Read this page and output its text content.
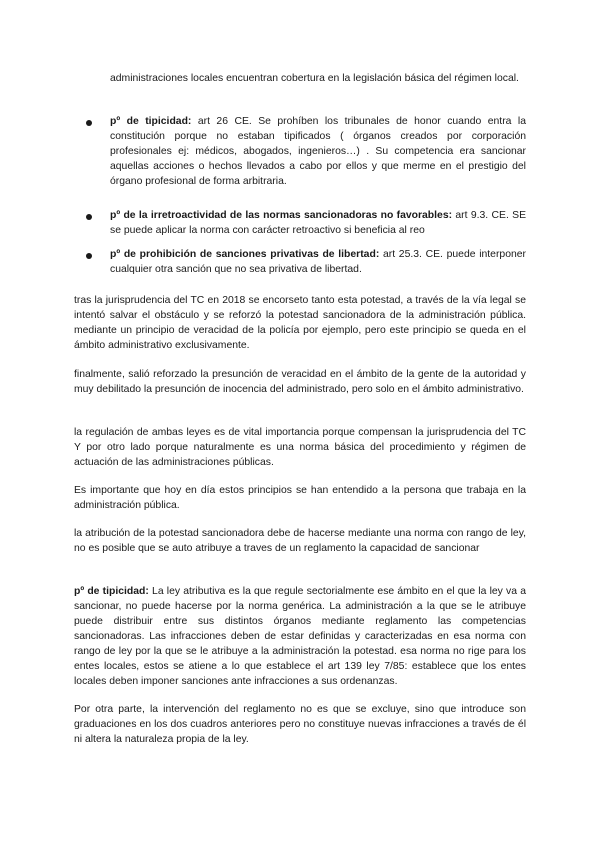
administraciones locales encuentran cobertura en la legislación básica del régimen local.
pº de tipicidad: art 26 CE. Se prohíben los tribunales de honor cuando entra la constitución porque no estaban tipificados ( órganos creados por corporación profesionales ej: médicos, abogados, ingenieros…) . Su competencia era sancionar aquellas acciones o hechos llevados a cabo por ellos y que merme en el prestigio del órgano profesional de forma arbitraria.
pº de la irretroactividad de las normas sancionadoras no favorables: art 9.3. CE. SE se puede aplicar la norma con carácter retroactivo si beneficia al reo
pº de prohibición de sanciones privativas de libertad: art 25.3. CE. puede interponer cualquier otra sanción que no sea privativa de libertad.
tras la jurisprudencia del TC en 2018 se encorseto tanto esta potestad, a través de la vía legal se intentó salvar el obstáculo y se reforzó la potestad sancionadora de la administración pública. mediante un principio de veracidad de la policía por ejemplo, pero este principio se queda en el ámbito administrativo exclusivamente.
finalmente, salió reforzado la presunción de veracidad en el ámbito de la gente de la autoridad y muy debilitado la presunción de inocencia del administrado, pero solo en el ámbito administrativo.
la regulación de ambas leyes es de vital importancia porque compensan la jurisprudencia del TC Y por otro lado porque naturalmente es una norma básica del procedimiento y régimen de actuación de las administraciones públicas.
Es importante que hoy en día estos principios se han entendido a la persona que trabaja en la administración pública.
la atribución de la potestad sancionadora debe de hacerse mediante una norma con rango de ley, no es posible que se auto atribuye a traves de un reglamento la capacidad de sancionar
pº de tipicidad: La ley atributiva es la que regule sectorialmente ese ámbito en el que la ley va a sancionar, no puede hacerse por la norma genérica. La administración a la que se le atribuye puede distribuir entre sus distintos órganos mediante reglamento las competencias sancionadoras. Las infracciones deben de estar definidas y caracterizadas en esa norma con rango de ley por la que se le atribuye a la administración la potestad. esa norma no rige para los entes locales, estos se atiene a lo que establece el art 139 ley 7/85: establece que los entes locales deben imponer sanciones ante infracciones a sus ordenanzas.
Por otra parte, la intervención del reglamento no es que se excluye, sino que introduce son graduaciones en los dos cuadros anteriores pero no constituye nuevas infracciones a través de él ni altera la naturaleza propia de la ley.
